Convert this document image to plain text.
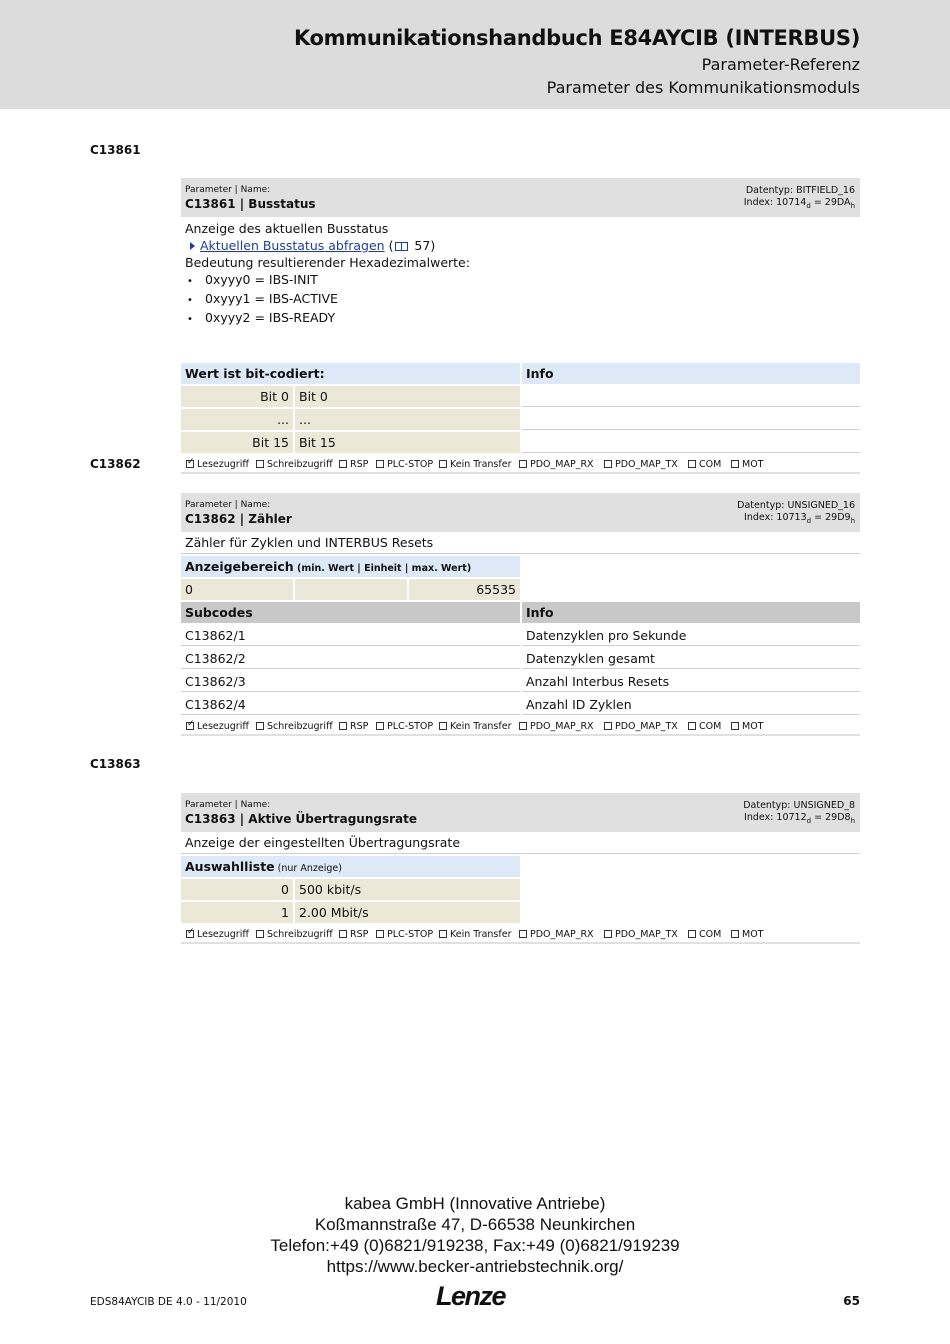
Kommunikationshandbuch E84AYCIB (INTERBUS)
Parameter-Referenz
Parameter des Kommunikationsmoduls
C13861
Parameter | Name:
C13861 | Busstatus
Datentyp: BITFIELD_16
Index: $10714_d = 29DA_h$
Anzeige des aktuellen Busstatus
Aktuellen Busstatus abfragen ( 57)
Bedeutung resultierender Hexadezimalwerte:
• 0xyyy0 = IBS-INIT
• 0xyyy1 = IBS-ACTIVE
• 0xyyy2 = IBS-READY
Wert ist bit-codiert:	Info
Bit 0 Bit 0
... ...
Bit 15 Bit 15
✓Lesezugriff	Schreibzugriff	RSP	PLC-STOP	Kein Transfer	PDO_MAP_RX	PDO_MAP_TX	COM	MOT
C13862
Parameter | Name:
C13862 | Zähler
Datentyp: UNSIGNED_16
Index: $10713_d = 29D9_h$
Zähler für Zyklen und INTERBUS Resets
Anzeigebereich (min. Wert | Einheit | max. Wert)
0	65535
Subcodes	Info
C13862/1	Datenzyklen pro Sekunde
C13862/2	Datenzyklen gesamt
C13862/3	Anzahl Interbus Resets
C13862/4	Anzahl ID Zyklen
✓Lesezugriff	Schreibzugriff	RSP	PLC-STOP	Kein Transfer	PDO_MAP_RX	PDO_MAP_TX	COM	MOT
C13863
Parameter | Name:
C13863 | Aktive Übertragungsrate
Datentyp: UNSIGNED_8
Index: $10712_d = 29D8_h$
Anzeige der eingestellten Übertragungsrate
Auswahlliste (nur Anzeige)
0 500 kbit/s
1 2.00 Mbit/s
✓Lesezugriff	Schreibzugriff	RSP	PLC-STOP	Kein Transfer	PDO_MAP_RX	PDO_MAP_TX	COM	MOT
kabea GmbH (Innovative Antriebe)
Koßmannstraße 47, D-66538 Neunkirchen
Telefon:+49 (0)6821/919238, Fax:+49 (0)6821/919239
https://www.becker-antriebstechnik.org/
EDS84AYCIB DE 4.0 - 11/2010	Lenze	65
